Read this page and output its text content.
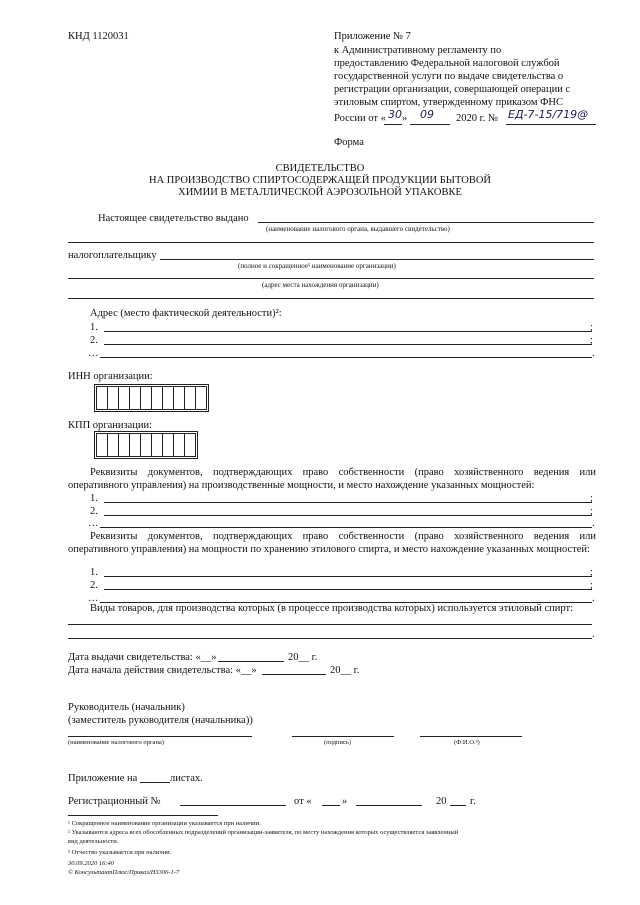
КНД 1120031	Приложение № 7
к Административному регламенту по
предоставлению Федеральной налоговой службой
государственной услуги по выдаче свидетельства о
регистрации организации, совершающей операции с
этиловым спиртом, утвержденному приказом ФНС
России от « 30 » 09 2020 г. № ЕД-7-15/719@
Форма
СВИДЕТЕЛЬСТВО
НА ПРОИЗВОДСТВО СПИРТОСОДЕРЖАЩЕЙ ПРОДУКЦИИ БЫТОВОЙ
ХИМИИ В МЕТАЛЛИЧЕСКОЙ АЭРОЗОЛЬНОЙ УПАКОВКЕ
Настоящее свидетельство выдано
(наименование налогового органа, выдавшего свидетельство)
налогоплательщику
(полное и сокращенное¹ наименование организации)
(адрес места нахождения организации)
Адрес (место фактической деятельности)²:
1.	;
2.	;
…	.
ИНН организации:
КПП организации:
Реквизиты документов, подтверждающих право собственности (право хозяйственного ведения или оперативного управления) на производственные мощности, и место нахождение указанных мощностей:
1.	;
2.	;
…	.
Реквизиты документов, подтверждающих право собственности (право хозяйственного ведения или оперативного управления) на мощности по хранению этилового спирта, и место нахождение указанных мощностей:
1.	;
2.	;
…	.
Виды товаров, для производства которых (в процессе производства которых) используется этиловый спирт:
.
Дата выдачи свидетельства: «__»	20__ г.
Дата начала действия свидетельства: «__»	20__ г.
Руководитель (начальник)
(заместитель руководителя (начальника))
(наименование налогового органа)	(подпись)	(Ф.И.О.³)
Приложение на	листах.
Регистрационный №	от «	»	20 г.
¹ Сокращенное наименование организации указывается при наличии.
² Указываются адреса всех обособленных подразделений организации-заявителя, по месту нахождения которых осуществляется заявленный
вид деятельности.
³ Отчество указывается при наличии.
30.09.2020 16:40
© КонсультантПлюс/Приказ/Н3306-1-7
